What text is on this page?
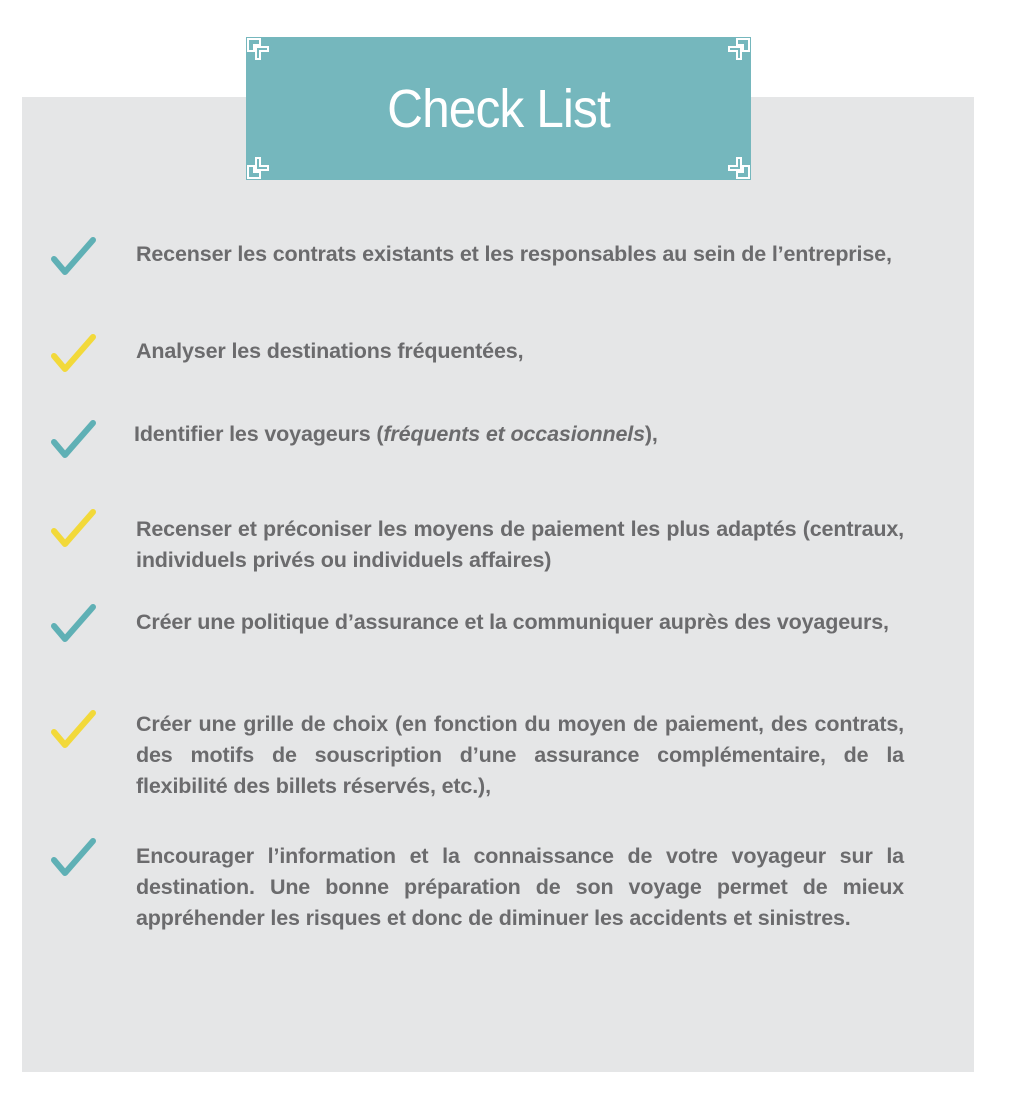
Check List
Recenser les contrats existants et les responsables au sein de l’entreprise,
Analyser les destinations fréquentées,
Identifier les voyageurs (fréquents et occasionnels),
Recenser et préconiser les moyens de paiement les plus adaptés (centraux, individuels privés ou individuels affaires)
Créer une politique d’assurance et la communiquer auprès des voyageurs,
Créer une grille de choix (en fonction du moyen de paiement, des contrats, des motifs de souscription d’une assurance complémentaire, de la flexibilité des billets réservés, etc.),
Encourager l’information et la connaissance de votre voyageur sur la destination. Une bonne préparation de son voyage permet de mieux appréhender les risques et donc de diminuer les accidents et sinistres.
